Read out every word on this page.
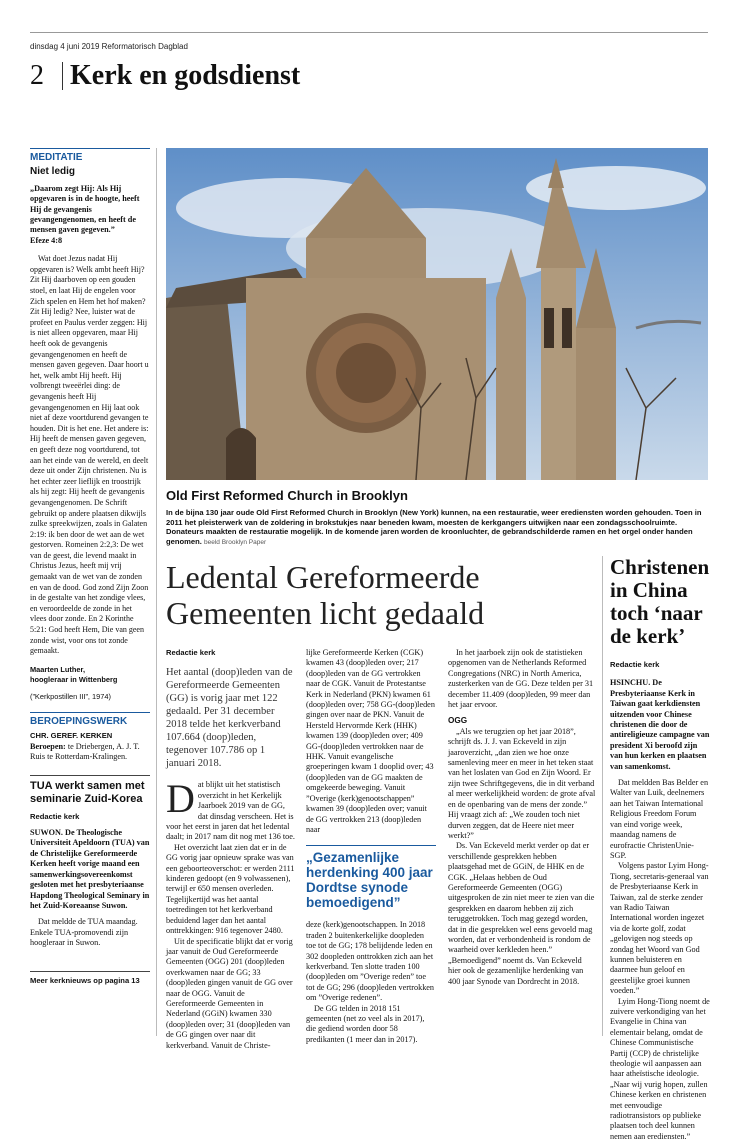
dinsdag 4 juni 2019 Reformatorisch Dagblad
2 Kerk en godsdienst
MEDITATIE
Niet ledig
„Daarom zegt Hij: Als Hij opgevaren is in de hoogte, heeft Hij de gevangenis gevangengenomen, en heeft de mensen gaven gegeven.”
Efeze 4:8
Wat doet Jezus nadat Hij opgevaren is? Welk ambt heeft Hij? Zit Hij daarboven op een gouden stoel, en laat Hij de engelen voor Zich spelen en Hem het hof maken? Zit Hij ledig? Nee, luister wat de profeet en Paulus verder zeggen: Hij is niet alleen opgevaren, maar Hij heeft ook de gevangenis gevangengenomen en heeft de mensen gaven gegeven. Daar hoort u het, welk ambt Hij heeft. Hij volbrengt tweeërlei ding: de gevangenis heeft Hij gevangengenomen en Hij laat ook niet af deze voortdurend gevangen te houden. Dit is het ene. Het andere is: Hij heeft de mensen gaven gegeven, en geeft deze nog voortdurend, tot aan het einde van de wereld, en deelt deze uit onder Zijn christenen. Nu is het echter zeer lieflijk en troostrijk als hij zegt: Hij heeft de gevangenis gevangengenomen. De Schrift gebruikt op andere plaatsen dikwijls zulke spreekwijzen, zoals in Galaten 2:19: ik ben door de wet aan de wet gestorven. Romeinen 2:2,3: De wet van de geest, die levend maakt in Christus Jezus, heeft mij vrij gemaakt van de wet van de zonden en van de dood. God zond Zijn Zoon in de gestalte van het zondige vlees, en veroordeelde de zonde in het vlees door zonde. En 2 Korinthe 5:21: God heeft Hem, Die van geen zonde wist, voor ons tot zonde gemaakt.
Maarten Luther,
hoogleraar in Wittenberg
(”Kerkpostillen III”, 1974)
BEROEPINGSWERK
CHR. GEREF. KERKEN
Beroepen: te Driebergen, A. J. T. Ruis te Rotterdam-Kralingen.
TUA werkt samen met seminarie Zuid-Korea
Redactie kerk
SUWON. De Theologische Universiteit Apeldoorn (TUA) van de Christelijke Gereformeerde Kerken heeft vorige maand een samenwerkingsovereenkomst gesloten met het presbyteriaanse Hapdong Theological Seminary in het Zuid-Koreaanse Suwon.
Dat meldde de TUA maandag. Enkele TUA-promovendi zijn hoogleraar in Suwon.
Meer kerknieuws op pagina 13
Old First Reformed Church in Brooklyn
In de bijna 130 jaar oude Old First Reformed Church in Brooklyn (New York) kunnen, na een restauratie, weer erediensten worden gehouden. Toen in 2011 het pleisterwerk van de zoldering in brokstukjes naar beneden kwam, moesten de kerkgangers uitwijken naar een zondagsschoolruimte. Donateurs maakten de restauratie mogelijk. In de komende jaren worden de kroonluchter, de gebrandschilderde ramen en het orgel onder handen genomen. beeld Brooklyn Paper
Ledental Gereformeerde Gemeenten licht gedaald
Redactie kerk
Het aantal (doop)leden van de Gereformeerde Gemeenten (GG) is vorig jaar met 122 gedaald. Per 31 december 2018 telde het kerkverband 107.664 (doop)leden, tegenover 107.786 op 1 januari 2018.
D at blijkt uit het statistisch overzicht in het Kerkelijk Jaarboek 2019 van de GG, dat dinsdag verscheen. Het is voor het eerst in jaren dat het ledental daalt; in 2017 nam dit nog met 136 toe.
Het overzicht laat zien dat er in de GG vorig jaar opnieuw sprake was van een geboorteoverschot: er werden 2111 kinderen gedoopt (en 9 volwassenen), terwijl er 650 mensen overleden. Tegelijkertijd was het aantal toetredingen tot het kerkverband beduidend lager dan het aantal onttrekkingen: 916 tegenover 2480.
Uit de specificatie blijkt dat er vorig jaar vanuit de Oud Gereformeerde Gemeenten (OGG) 201 (doop)leden overkwamen naar de GG; 33 (doop)leden gingen vanuit de GG over naar de OGG. Vanuit de Gereformeerde Gemeenten in Nederland (GGiN) kwamen 330 (doop)leden over; 31 (doop)leden van de GG gingen over naar dit kerkverband. Vanuit de Christe-
lijke Gereformeerde Kerken (CGK) kwamen 43 (doop)leden over; 217 (doop)leden van de GG vertrokken naar de CGK. Vanuit de Protestantse Kerk in Nederland (PKN) kwamen 61 (doop)leden over; 758 GG-(doop)leden gingen over naar de PKN. Vanuit de Hersteld Hervormde Kerk (HHK) kwamen 139 (doop)leden over; 409 GG-(doop)leden vertrokken naar de HHK. Vanuit evangelische groeperingen kwam 1 dooplid over; 43 (doop)leden van de GG maakten de omgekeerde beweging. Vanuit ”Overige (kerk)genootschappen” kwamen 39 (doop)leden over; vanuit de GG vertrokken 213 (doop)leden naar
„Gezamenlijke herdenking 400 jaar Dordtse synode bemoedigend”
deze (kerk)genootschappen. In 2018 traden 2 buitenkerkelijke doopleden toe tot de GG; 178 belijdende leden en 302 doopleden onttrokken zich aan het kerkverband. Ten slotte traden 100 (doop)leden om ”Overige reden” toe tot de GG; 296 (doop)leden vertrokken om ”Overige redenen”.
De GG telden in 2018 151 gemeenten (net zo veel als in 2017), die gediend worden door 58 predikanten (1 meer dan in 2017).
In het jaarboek zijn ook de statistieken opgenomen van de Netherlands Reformed Congregations (NRC) in North America, zusterkerken van de GG. Deze telden per 31 december 11.409 (doop)leden, 99 meer dan het jaar ervoor.
OGG
„Als we terugzien op het jaar 2018”, schrijft ds. J. J. van Eckeveld in zijn jaaroverzicht, „dan zien we hoe onze samenleving meer en meer in het teken staat van het loslaten van God en Zijn Woord. Er zijn twee Schriftgegevens, die in dit verband al meer werkelijkheid worden: de grote afval en de openbaring van de mens der zonde.” Hij vraagt zich af: „We zouden toch niet durven zeggen, dat de Heere niet meer werkt?”
Ds. Van Eckeveld merkt verder op dat er verschillende gesprekken hebben plaatsgehad met de GGiN, de HHK en de CGK. „Helaas hebben de Oud Gereformeerde Gemeenten (OGG) uitgesproken de zin niet meer te zien van die gesprekken en daarom hebben zij zich teruggetrokken. Toch mag gezegd worden, dat in die gesprekken wel eens gevoeld mag worden, dat er verbondenheid is rondom de waarheid over kerkleden heen.” „Bemoedigend” noemt ds. Van Eckeveld hier ook de gezamenlijke herdenking van 400 jaar Synode van Dordrecht in 2018.
Christenen in China toch ‘naar de kerk’
Redactie kerk
HSINCHU. De Presbyteriaanse Kerk in Taiwan gaat kerkdiensten uitzenden voor Chinese christenen die door de antireligieuze campagne van president Xi beroofd zijn van hun kerken en plaatsen van samenkomst.
Dat meldden Bas Belder en Walter van Luik, deelnemers aan het Taiwan International Religious Freedom Forum van eind vorige week, maandag namens de eurofractie ChristenUnie-SGP.
Volgens pastor Lyim Hong-Tiong, secretaris-generaal van de Presbyteriaanse Kerk in Taiwan, zal de sterke zender van Radio Taiwan International worden ingezet via de korte golf, zodat „gelovigen nog steeds op zondag het Woord van God kunnen beluisteren en daarmee hun geloof en geestelijke groei kunnen voeden.”
Lyim Hong-Tiong noemt de zuivere verkondiging van het Evangelie in China van elementair belang, omdat de Chinese Communistische Partij (CCP) de christelijke theologie wil aanpassen aan haar atheïstische ideologie. „Naar wij vurig hopen, zullen Chinese kerken en christenen met eenvoudige radiotransistors op publieke plaatsen toch deel kunnen nemen aan erediensten.”
